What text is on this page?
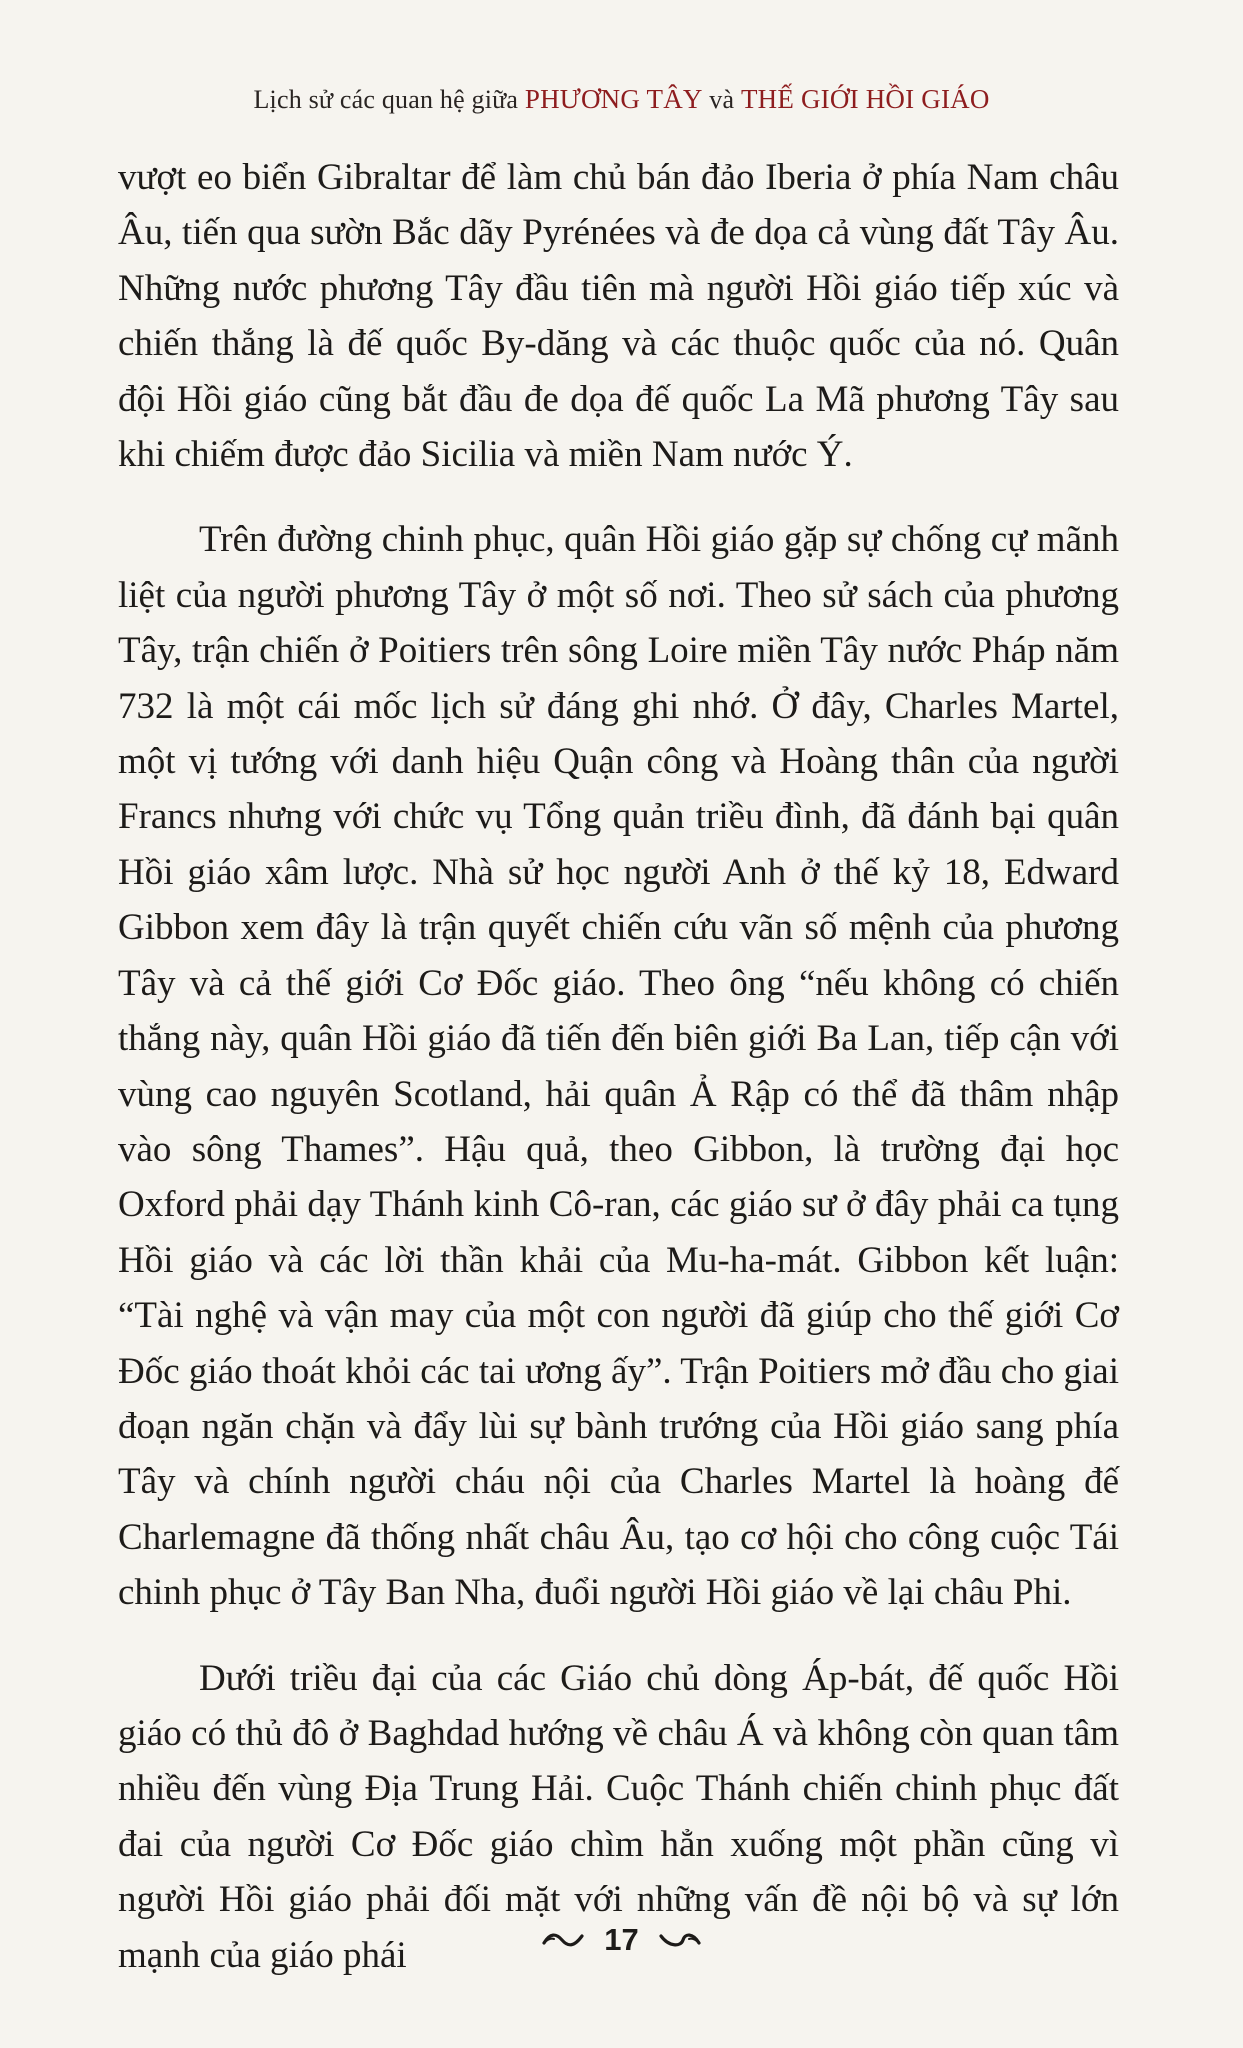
Lịch sử các quan hệ giữa PHƯƠNG TÂY và THẾ GIỚI HỒI GIÁO

vượt eo biển Gibraltar để làm chủ bán đảo Iberia ở phía Nam châu Âu, tiến qua sườn Bắc dãy Pyrénées và đe dọa cả vùng đất Tây Âu. Những nước phương Tây đầu tiên mà người Hồi giáo tiếp xúc và chiến thắng là đế quốc By-dăng và các thuộc quốc của nó. Quân đội Hồi giáo cũng bắt đầu đe dọa đế quốc La Mã phương Tây sau khi chiếm được đảo Sicilia và miền Nam nước Ý.

Trên đường chinh phục, quân Hồi giáo gặp sự chống cự mãnh liệt của người phương Tây ở một số nơi. Theo sử sách của phương Tây, trận chiến ở Poitiers trên sông Loire miền Tây nước Pháp năm 732 là một cái mốc lịch sử đáng ghi nhớ. Ở đây, Charles Martel, một vị tướng với danh hiệu Quận công và Hoàng thân của người Francs nhưng với chức vụ Tổng quản triều đình, đã đánh bại quân Hồi giáo xâm lược. Nhà sử học người Anh ở thế kỷ 18, Edward Gibbon xem đây là trận quyết chiến cứu vãn số mệnh của phương Tây và cả thế giới Cơ Đốc giáo. Theo ông “nếu không có chiến thắng này, quân Hồi giáo đã tiến đến biên giới Ba Lan, tiếp cận với vùng cao nguyên Scotland, hải quân Ả Rập có thể đã thâm nhập vào sông Thames”. Hậu quả, theo Gibbon, là trường đại học Oxford phải dạy Thánh kinh Cô-ran, các giáo sư ở đây phải ca tụng Hồi giáo và các lời thần khải của Mu-ha-mát. Gibbon kết luận: “Tài nghệ và vận may của một con người đã giúp cho thế giới Cơ Đốc giáo thoát khỏi các tai ương ấy”. Trận Poitiers mở đầu cho giai đoạn ngăn chặn và đẩy lùi sự bành trướng của Hồi giáo sang phía Tây và chính người cháu nội của Charles Martel là hoàng đế Charlemagne đã thống nhất châu Âu, tạo cơ hội cho công cuộc Tái chinh phục ở Tây Ban Nha, đuổi người Hồi giáo về lại châu Phi.

Dưới triều đại của các Giáo chủ dòng Áp-bát, đế quốc Hồi giáo có thủ đô ở Baghdad hướng về châu Á và không còn quan tâm nhiều đến vùng Địa Trung Hải. Cuộc Thánh chiến chinh phục đất đai của người Cơ Đốc giáo chìm hẳn xuống một phần cũng vì người Hồi giáo phải đối mặt với những vấn đề nội bộ và sự lớn mạnh của giáo phái	17
